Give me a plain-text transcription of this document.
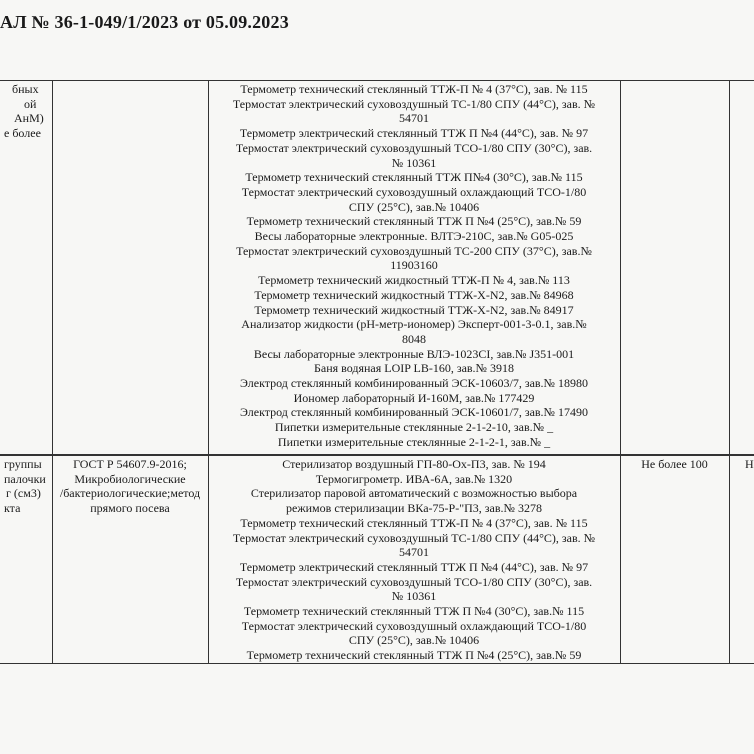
АЛ № 36-1-049/1/2023 от 05.09.2023
бных
ой
АнМ)
е более
Термометр технический стеклянный ТТЖ-П № 4 (37°С), зав. № 115
Термостат электрический суховоздушный ТС-1/80 СПУ (44°С), зав. №
54701
Термометр электрический стеклянный ТТЖ П №4 (44°С), зав. № 97
Термостат электрический суховоздушный ТСО-1/80 СПУ (30°С), зав.
№ 10361
Термометр технический стеклянный ТТЖ П№4 (30°С), зав.№ 115
Термостат электрический суховоздушный охлаждающий ТСО-1/80
СПУ (25°С), зав.№ 10406
Термометр технический стеклянный ТТЖ П №4 (25°С), зав.№ 59
Весы лабораторные электронные. ВЛТЭ-210С, зав.№ G05-025
Термостат электрический суховоздушный ТС-200 СПУ (37°С), зав.№
11903160
Термометр технический жидкостный ТТЖ-П № 4, зав.№ 113
Термометр технический жидкостный ТТЖ-Х-N2, зав.№ 84968
Термометр технический жидкостный ТТЖ-Х-N2, зав.№ 84917
Анализатор жидкости (рН-метр-иономер) Эксперт-001-3-0.1, зав.№
8048
Весы лабораторные электронные ВЛЭ-1023CI, зав.№ J351-001
Баня водяная LOIP LB-160, зав.№ 3918
Электрод стеклянный комбинированный ЭСК-10603/7, зав.№ 18980
Иономер лабораторный И-160М, зав.№ 177429
Электрод стеклянный комбинированный ЭСК-10601/7, зав.№ 17490
Пипетки измерительные стеклянные 2-1-2-10, зав.№ _
Пипетки измерительные стеклянные 2-1-2-1, зав.№ _
группы
палочки
г (см3)
кта
ГОСТ Р 54607.9-2016;
Микробиологические
/бактериологические;метод
прямого посева
Стерилизатор воздушный ГП-80-Ох-П3, зав. № 194
Термогигрометр. ИВА-6А, зав.№ 1320
Стерилизатор паровой автоматический с возможностью выбора
режимов стерилизации ВКа-75-Р-"П3, зав.№ 3278
Термометр технический стеклянный ТТЖ-П № 4 (37°С), зав. № 115
Термостат электрический суховоздушный ТС-1/80 СПУ (44°С), зав. №
54701
Термометр электрический стеклянный ТТЖ П №4 (44°С), зав. № 97
Термостат электрический суховоздушный ТСО-1/80 СПУ (30°С), зав.
№ 10361
Термометр технический стеклянный ТТЖ П №4 (30°С), зав.№ 115
Термостат электрический суховоздушный охлаждающий ТСО-1/80
СПУ (25°С), зав.№ 10406
Термометр технический стеклянный ТТЖ П №4 (25°С), зав.№ 59
Не более 100	Н
